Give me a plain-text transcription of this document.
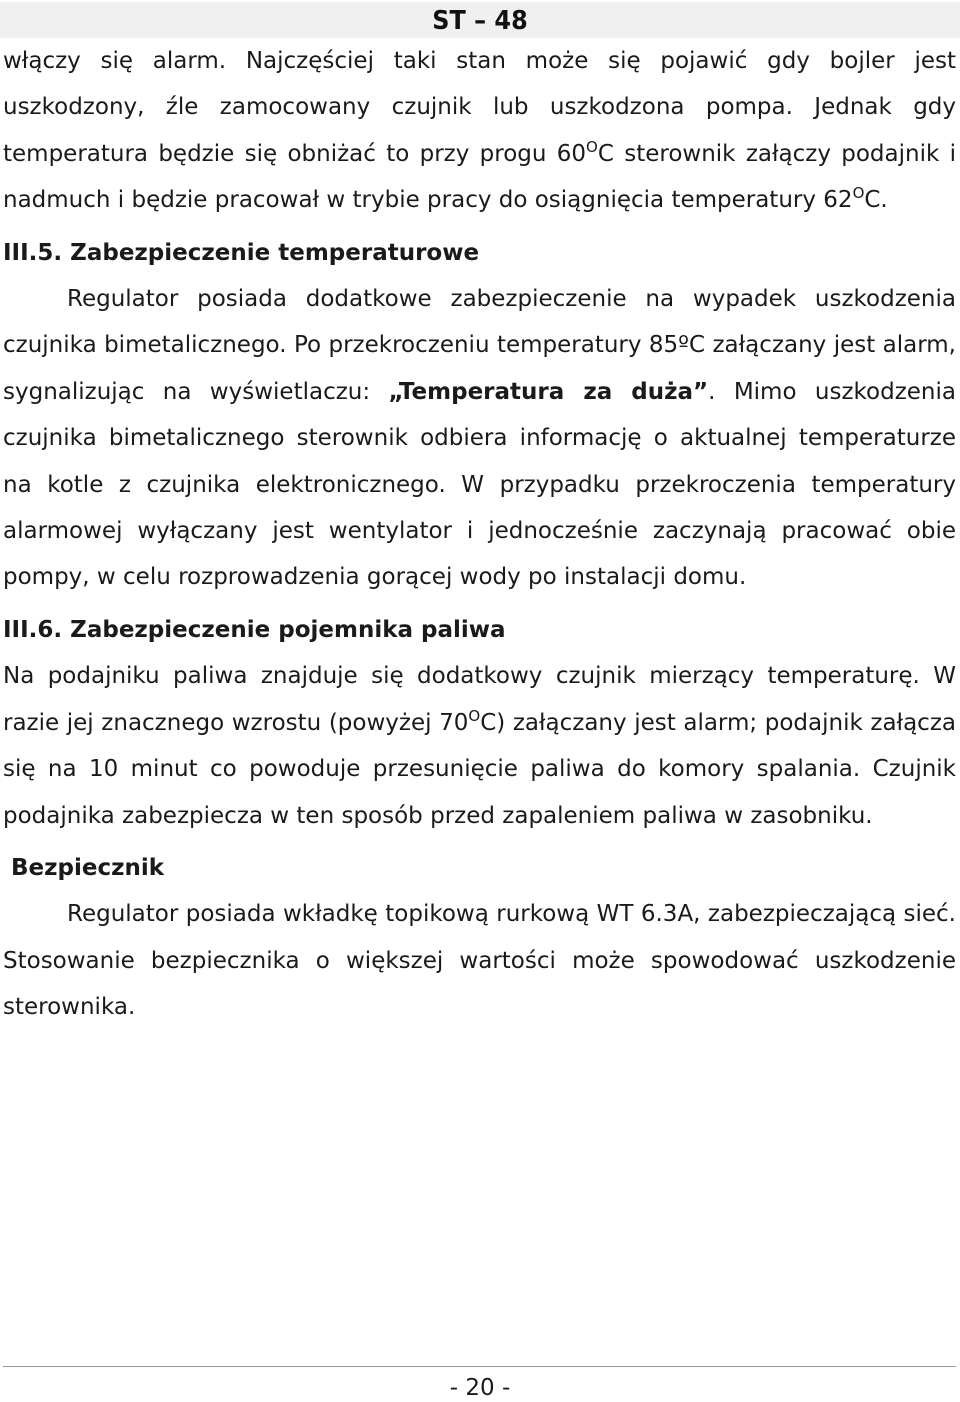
ST – 48

włączy się alarm. Najczęściej taki stan może się pojawić gdy bojler jest uszkodzony, źle zamocowany czujnik lub uszkodzona pompa. Jednak gdy temperatura będzie się obniżać to przy progu $60^OC$ sterownik załączy podajnik i nadmuch i będzie pracował w trybie pracy do osiągnięcia temperatury $62^OC$.

III.5. Zabezpieczenie temperaturowe

Regulator posiada dodatkowe zabezpieczenie na wypadek uszkodzenia czujnika bimetalicznego. Po przekroczeniu temperatury 85ºC załączany jest alarm, sygnalizując na wyświetlaczu: „Temperatura za duża”. Mimo uszkodzenia czujnika bimetalicznego sterownik odbiera informację o aktualnej temperaturze na kotle z czujnika elektronicznego. W przypadku przekroczenia temperatury alarmowej wyłączany jest wentylator i jednocześnie zaczynają pracować obie pompy, w celu rozprowadzenia gorącej wody po instalacji domu.

III.6. Zabezpieczenie pojemnika paliwa

Na podajniku paliwa znajduje się dodatkowy czujnik mierzący temperaturę. W razie jej znacznego wzrostu (powyżej $70^OC$) załączany jest alarm; podajnik załącza się na 10 minut co powoduje przesunięcie paliwa do komory spalania. Czujnik podajnika zabezpiecza w ten sposób przed zapaleniem paliwa w zasobniku.

Bezpiecznik

Regulator posiada wkładkę topikową rurkową WT 6.3A, zabezpieczającą sieć. Stosowanie bezpiecznika o większej wartości może spowodować uszkodzenie sterownika.

- 20 -
